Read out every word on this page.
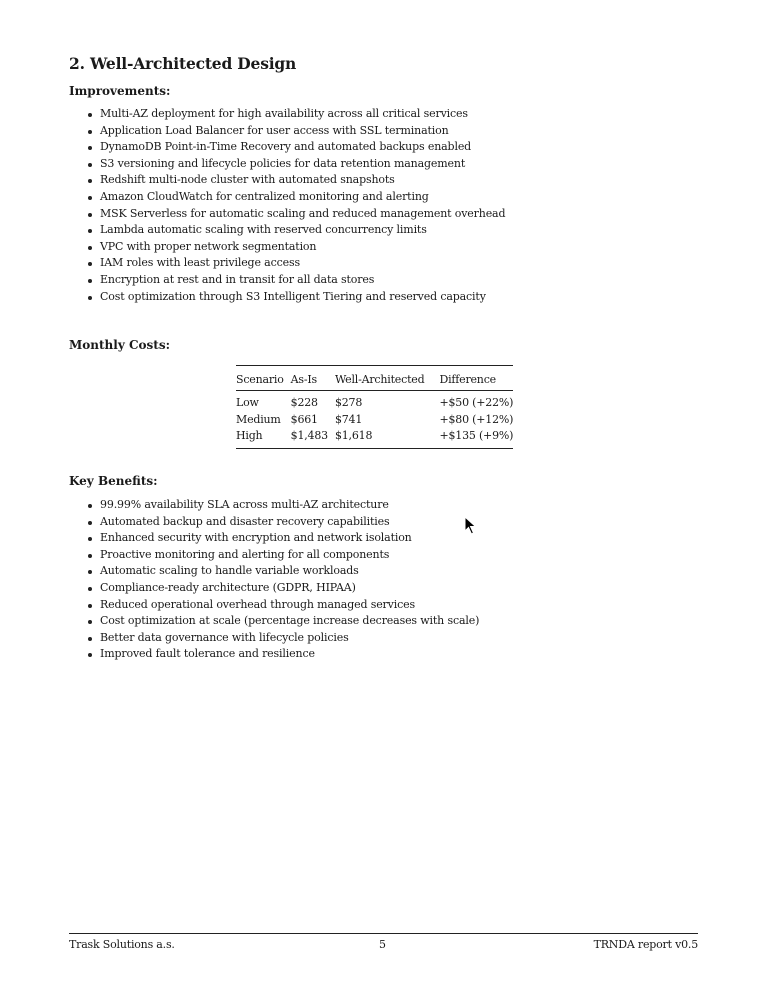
2. Well-Architected Design
Improvements:
Multi-AZ deployment for high availability across all critical services
Application Load Balancer for user access with SSL termination
DynamoDB Point-in-Time Recovery and automated backups enabled
S3 versioning and lifecycle policies for data retention management
Redshift multi-node cluster with automated snapshots
Amazon CloudWatch for centralized monitoring and alerting
MSK Serverless for automatic scaling and reduced management overhead
Lambda automatic scaling with reserved concurrency limits
VPC with proper network segmentation
IAM roles with least privilege access
Encryption at rest and in transit for all data stores
Cost optimization through S3 Intelligent Tiering and reserved capacity
Monthly Costs:
Scenario	As-Is	Well-Architected	Difference
Low	$228	$278	+$50 (+22%)
Medium	$661	$741	+$80 (+12%)
High	$1,483	$1,618	+$135 (+9%)
Key Benefits:
99.99% availability SLA across multi-AZ architecture
Automated backup and disaster recovery capabilities
Enhanced security with encryption and network isolation
Proactive monitoring and alerting for all components
Automatic scaling to handle variable workloads
Compliance-ready architecture (GDPR, HIPAA)
Reduced operational overhead through managed services
Cost optimization at scale (percentage increase decreases with scale)
Better data governance with lifecycle policies
Improved fault tolerance and resilience
Trask Solutions a.s.	5	TRNDA report v0.5
